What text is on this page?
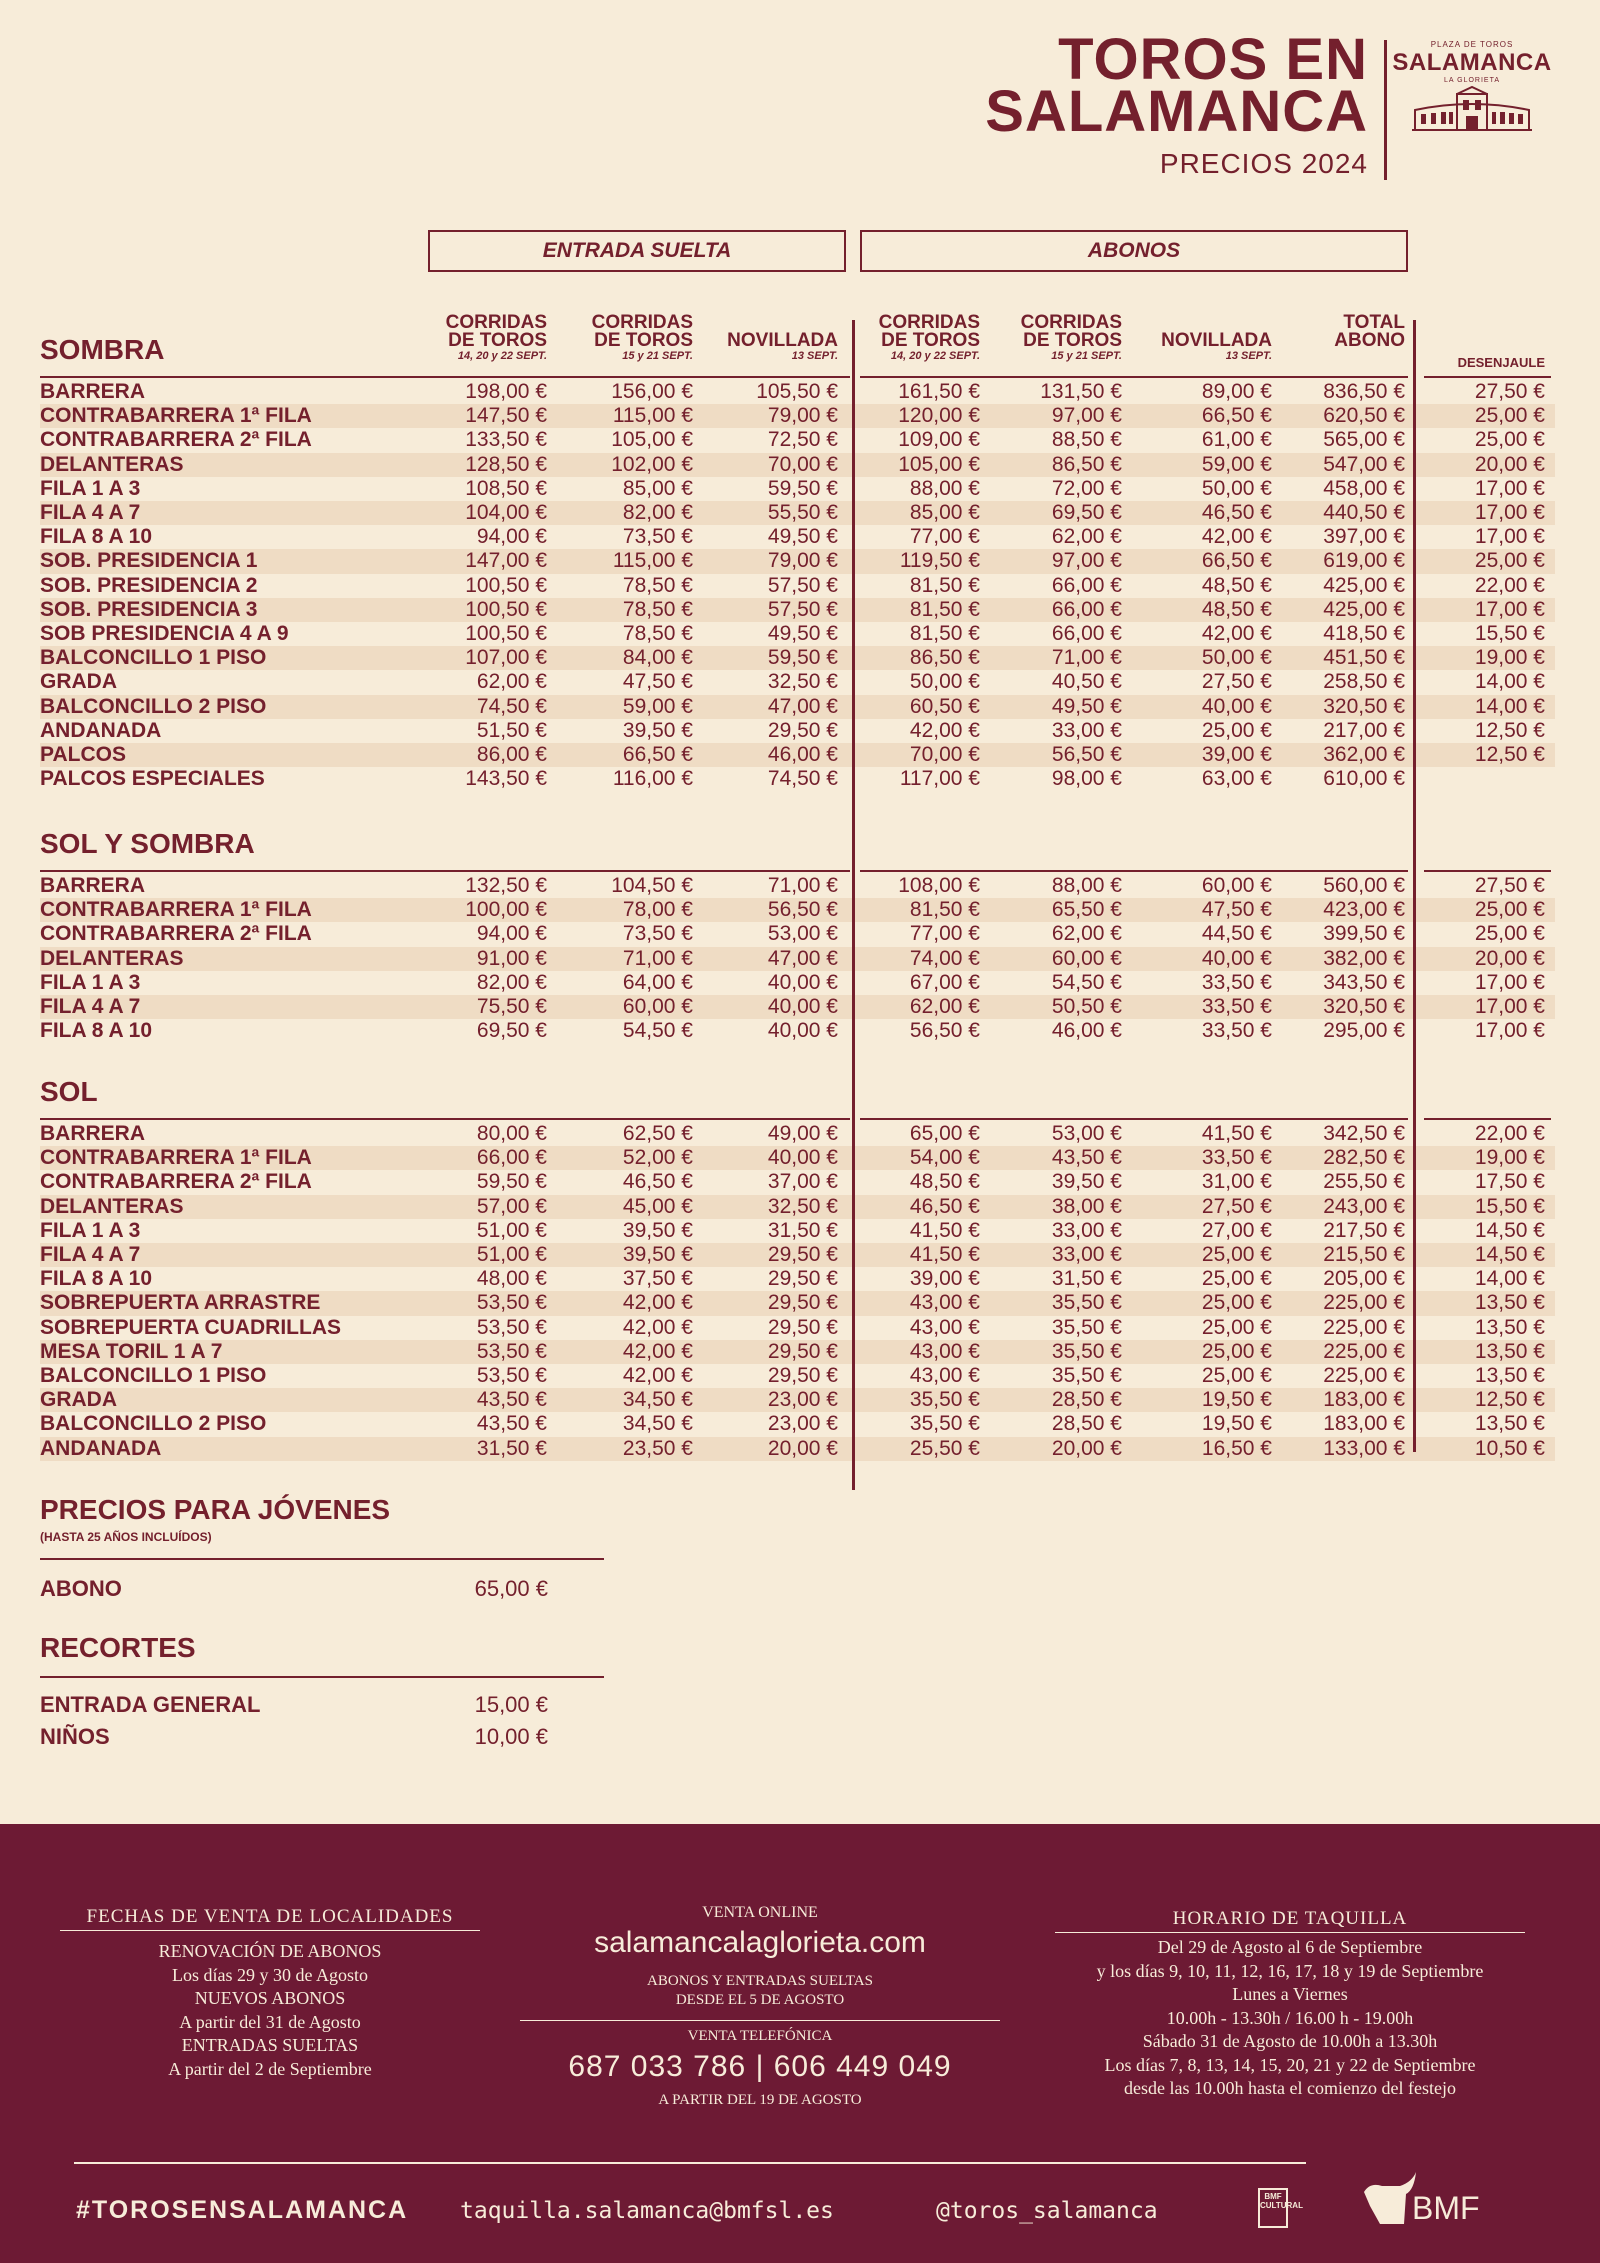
TOROS EN
SALAMANCA
PRECIOS 2024
PLAZA DE TOROS
SALAMANCA
LA GLORIETA
ENTRADA SUELTA	ABONOS
CORRIDAS
DE TOROS
14, 20 y 22 SEPT.
CORRIDAS
DE TOROS
15 y 21 SEPT.

NOVILLADA
13 SEPT.
CORRIDAS
DE TOROS
14, 20 y 22 SEPT.
CORRIDAS
DE TOROS
15 y 21 SEPT.

NOVILLADA
13 SEPT.
TOTAL
ABONO

DESENJAULE
SOMBRA
BARRERA	198,00 €	156,00 €	105,50 €	161,50 €	131,50 €	89,00 €	836,50 €	27,50 €
CONTRABARRERA 1ª FILA	147,50 €	115,00 €	79,00 €	120,00 €	97,00 €	66,50 €	620,50 €	25,00 €
CONTRABARRERA 2ª FILA	133,50 €	105,00 €	72,50 €	109,00 €	88,50 €	61,00 €	565,00 €	25,00 €
DELANTERAS	128,50 €	102,00 €	70,00 €	105,00 €	86,50 €	59,00 €	547,00 €	20,00 €
FILA 1 A 3	108,50 €	85,00 €	59,50 €	88,00 €	72,00 €	50,00 €	458,00 €	17,00 €
FILA 4 A 7	104,00 €	82,00 €	55,50 €	85,00 €	69,50 €	46,50 €	440,50 €	17,00 €
FILA 8 A 10	94,00 €	73,50 €	49,50 €	77,00 €	62,00 €	42,00 €	397,00 €	17,00 €
SOB. PRESIDENCIA 1	147,00 €	115,00 €	79,00 €	119,50 €	97,00 €	66,50 €	619,00 €	25,00 €
SOB. PRESIDENCIA 2	100,50 €	78,50 €	57,50 €	81,50 €	66,00 €	48,50 €	425,00 €	22,00 €
SOB. PRESIDENCIA 3	100,50 €	78,50 €	57,50 €	81,50 €	66,00 €	48,50 €	425,00 €	17,00 €
SOB PRESIDENCIA 4 A 9	100,50 €	78,50 €	49,50 €	81,50 €	66,00 €	42,00 €	418,50 €	15,50 €
BALCONCILLO 1 PISO	107,00 €	84,00 €	59,50 €	86,50 €	71,00 €	50,00 €	451,50 €	19,00 €
GRADA	62,00 €	47,50 €	32,50 €	50,00 €	40,50 €	27,50 €	258,50 €	14,00 €
BALCONCILLO 2 PISO	74,50 €	59,00 €	47,00 €	60,50 €	49,50 €	40,00 €	320,50 €	14,00 €
ANDANADA	51,50 €	39,50 €	29,50 €	42,00 €	33,00 €	25,00 €	217,00 €	12,50 €
PALCOS	86,00 €	66,50 €	46,00 €	70,00 €	56,50 €	39,00 €	362,00 €	12,50 €
PALCOS ESPECIALES	143,50 €	116,00 €	74,50 €	117,00 €	98,00 €	63,00 €	610,00 €
SOL Y SOMBRA
BARRERA	132,50 €	104,50 €	71,00 €	108,00 €	88,00 €	60,00 €	560,00 €	27,50 €
CONTRABARRERA 1ª FILA	100,00 €	78,00 €	56,50 €	81,50 €	65,50 €	47,50 €	423,00 €	25,00 €
CONTRABARRERA 2ª FILA	94,00 €	73,50 €	53,00 €	77,00 €	62,00 €	44,50 €	399,50 €	25,00 €
DELANTERAS	91,00 €	71,00 €	47,00 €	74,00 €	60,00 €	40,00 €	382,00 €	20,00 €
FILA 1 A 3	82,00 €	64,00 €	40,00 €	67,00 €	54,50 €	33,50 €	343,50 €	17,00 €
FILA 4 A 7	75,50 €	60,00 €	40,00 €	62,00 €	50,50 €	33,50 €	320,50 €	17,00 €
FILA 8 A 10	69,50 €	54,50 €	40,00 €	56,50 €	46,00 €	33,50 €	295,00 €	17,00 €
SOL
BARRERA	80,00 €	62,50 €	49,00 €	65,00 €	53,00 €	41,50 €	342,50 €	22,00 €
CONTRABARRERA 1ª FILA	66,00 €	52,00 €	40,00 €	54,00 €	43,50 €	33,50 €	282,50 €	19,00 €
CONTRABARRERA 2ª FILA	59,50 €	46,50 €	37,00 €	48,50 €	39,50 €	31,00 €	255,50 €	17,50 €
DELANTERAS	57,00 €	45,00 €	32,50 €	46,50 €	38,00 €	27,50 €	243,00 €	15,50 €
FILA 1 A 3	51,00 €	39,50 €	31,50 €	41,50 €	33,00 €	27,00 €	217,50 €	14,50 €
FILA 4 A 7	51,00 €	39,50 €	29,50 €	41,50 €	33,00 €	25,00 €	215,50 €	14,50 €
FILA 8 A 10	48,00 €	37,50 €	29,50 €	39,00 €	31,50 €	25,00 €	205,00 €	14,00 €
SOBREPUERTA ARRASTRE	53,50 €	42,00 €	29,50 €	43,00 €	35,50 €	25,00 €	225,00 €	13,50 €
SOBREPUERTA CUADRILLAS	53,50 €	42,00 €	29,50 €	43,00 €	35,50 €	25,00 €	225,00 €	13,50 €
MESA TORIL 1 A 7	53,50 €	42,00 €	29,50 €	43,00 €	35,50 €	25,00 €	225,00 €	13,50 €
BALCONCILLO 1 PISO	53,50 €	42,00 €	29,50 €	43,00 €	35,50 €	25,00 €	225,00 €	13,50 €
GRADA	43,50 €	34,50 €	23,00 €	35,50 €	28,50 €	19,50 €	183,00 €	12,50 €
BALCONCILLO 2 PISO	43,50 €	34,50 €	23,00 €	35,50 €	28,50 €	19,50 €	183,00 €	13,50 €
ANDANADA	31,50 €	23,50 €	20,00 €	25,50 €	20,00 €	16,50 €	133,00 €	10,50 €
PRECIOS PARA JÓVENES
(HASTA 25 AÑOS INCLUÍDOS)
ABONO	65,00 €
RECORTES
ENTRADA GENERAL	15,00 €
NIÑOS	10,00 €
FECHAS DE VENTA DE LOCALIDADES
RENOVACIÓN DE ABONOS
Los días 29 y 30 de Agosto
NUEVOS ABONOS
A partir del 31 de Agosto
ENTRADAS SUELTAS
A partir del 2 de Septiembre
VENTA ONLINE
salamancalaglorieta.com
ABONOS Y ENTRADAS SUELTAS
DESDE EL 5 DE AGOSTO
VENTA TELEFÓNICA
687 033 786 | 606 449 049
A PARTIR DEL 19 DE AGOSTO
HORARIO DE TAQUILLA
Del 29 de Agosto al 6 de Septiembre
y los días 9, 10, 11, 12, 16, 17, 18 y 19 de Septiembre
Lunes a Viernes
10.00h - 13.30h / 16.00 h - 19.00h
Sábado 31 de Agosto de 10.00h a 13.30h
Los días 7, 8, 13, 14, 15, 20, 21 y 22 de Septiembre
desde las 10.00h hasta el comienzo del festejo
#TOROSENSALAMANCA taquilla.salamanca@bmfsl.es	@toros_salamanca
BMF CULTURAL	BMF
